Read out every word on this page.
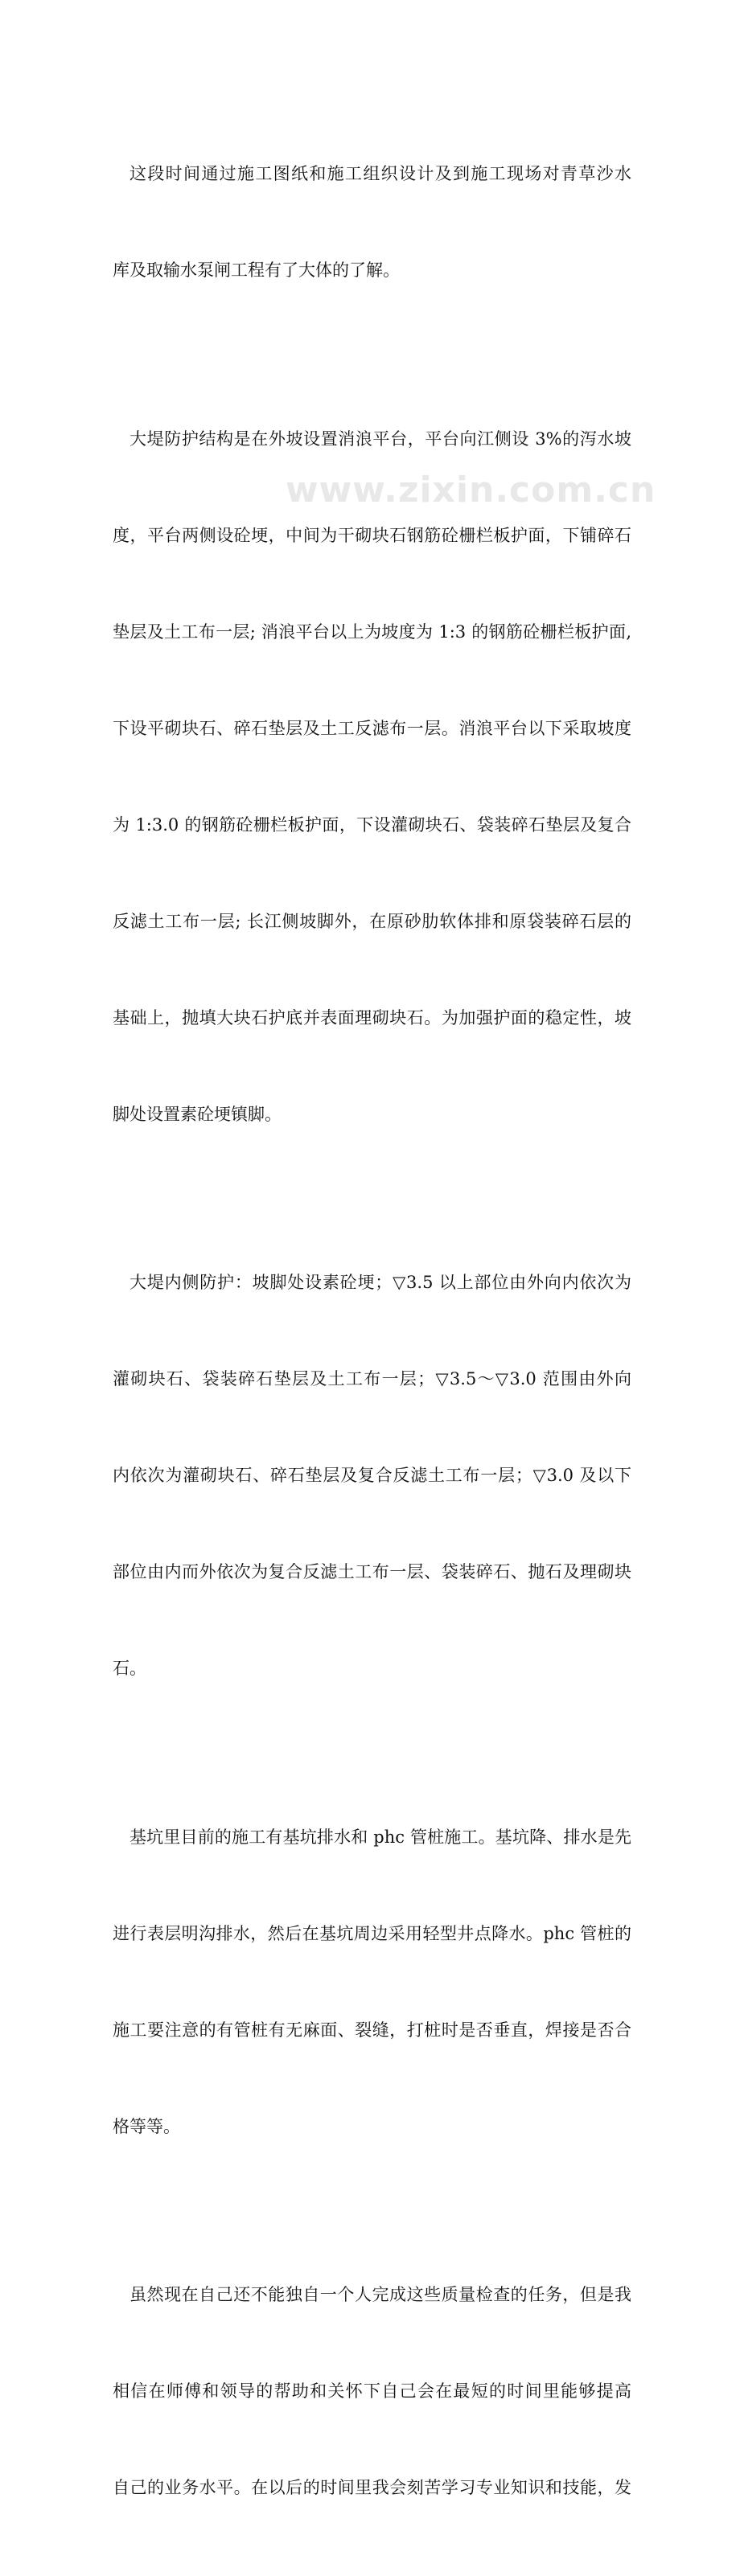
www.zixin.com.cn

这段时间通过施工图纸和施工组织设计及到施工现场对青草沙水

库及取输水泵闸工程有了大体的了解。

大堤防护结构是在外坡设置消浪平台，平台向江侧设 3%的泻水坡

度，平台两侧设砼埂，中间为干砌块石钢筋砼栅栏板护面，下铺碎石

垫层及土工布一层; 消浪平台以上为坡度为 1:3 的钢筋砼栅栏板护面,

下设平砌块石、碎石垫层及土工反滤布一层。消浪平台以下采取坡度

为 1:3.0 的钢筋砼栅栏板护面，下设灌砌块石、袋装碎石垫层及复合

反滤土工布一层; 长江侧坡脚外，在原砂肋软体排和原袋装碎石层的

基础上，抛填大块石护底并表面理砌块石。为加强护面的稳定性，坡

脚处设置素砼埂镇脚。

大堤内侧防护：坡脚处设素砼埂；▽3.5 以上部位由外向内依次为

灌砌块石、袋装碎石垫层及土工布一层；▽3.5～▽3.0 范围由外向

内依次为灌砌块石、碎石垫层及复合反滤土工布一层；▽3.0 及以下

部位由内而外依次为复合反滤土工布一层、袋装碎石、抛石及理砌块

石。

基坑里目前的施工有基坑排水和 phc 管桩施工。基坑降、排水是先

进行表层明沟排水，然后在基坑周边采用轻型井点降水。phc 管桩的

施工要注意的有管桩有无麻面、裂缝，打桩时是否垂直，焊接是否合

格等等。

虽然现在自己还不能独自一个人完成这些质量检查的任务，但是我

相信在师傅和领导的帮助和关怀下自己会在最短的时间里能够提高

自己的业务水平。在以后的时间里我会刻苦学习专业知识和技能，发
